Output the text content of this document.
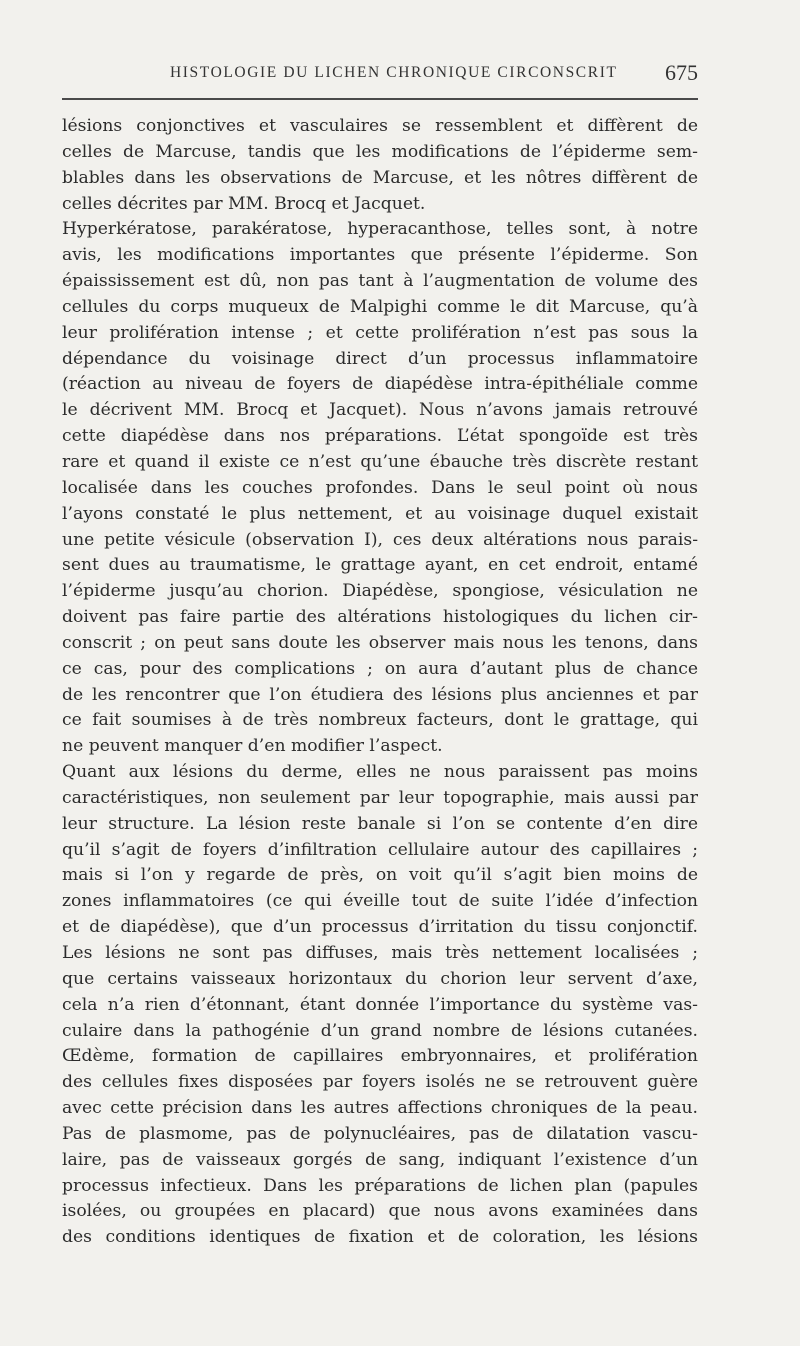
HISTOLOGIE DU LICHEN CHRONIQUE CIRCONSCRIT 675
lésions conjonctives et vasculaires se ressemblent et diffèrent de
celles de Marcuse, tandis que les modifications de l’épiderme sem-
blables dans les observations de Marcuse, et les nôtres diffèrent de
celles décrites par MM. Brocq et Jacquet.
Hyperkératose, parakératose, hyperacanthose, telles sont, à notre
avis, les modifications importantes que présente l’épiderme. Son
épaississement est dû, non pas tant à l’augmentation de volume des
cellules du corps muqueux de Malpighi comme le dit Marcuse, qu’à
leur prolifération intense ; et cette prolifération n’est pas sous la
dépendance du voisinage direct d’un processus inflammatoire
(réaction au niveau de foyers de diapédèse intra-épithéliale comme
le décrivent MM. Brocq et Jacquet). Nous n’avons jamais retrouvé
cette diapédèse dans nos préparations. L’état spongoïde est très
rare et quand il existe ce n’est qu’une ébauche très discrète restant
localisée dans les couches profondes. Dans le seul point où nous
l’ayons constaté le plus nettement, et au voisinage duquel existait
une petite vésicule (observation I), ces deux altérations nous parais-
sent dues au traumatisme, le grattage ayant, en cet endroit, entamé
l’épiderme jusqu’au chorion. Diapédèse, spongiose, vésiculation ne
doivent pas faire partie des altérations histologiques du lichen cir-
conscrit ; on peut sans doute les observer mais nous les tenons, dans
ce cas, pour des complications ; on aura d’autant plus de chance
de les rencontrer que l’on étudiera des lésions plus anciennes et par
ce fait soumises à de très nombreux facteurs, dont le grattage, qui
ne peuvent manquer d’en modifier l’aspect.
Quant aux lésions du derme, elles ne nous paraissent pas moins
caractéristiques, non seulement par leur topographie, mais aussi par
leur structure. La lésion reste banale si l’on se contente d’en dire
qu’il s’agit de foyers d’infiltration cellulaire autour des capillaires ;
mais si l’on y regarde de près, on voit qu’il s’agit bien moins de
zones inflammatoires (ce qui éveille tout de suite l’idée d’infection
et de diapédèse), que d’un processus d’irritation du tissu conjonctif.
Les lésions ne sont pas diffuses, mais très nettement localisées ;
que certains vaisseaux horizontaux du chorion leur servent d’axe,
cela n’a rien d’étonnant, étant donnée l’importance du système vas-
culaire dans la pathogénie d’un grand nombre de lésions cutanées.
Œdème, formation de capillaires embryonnaires, et prolifération
des cellules fixes disposées par foyers isolés ne se retrouvent guère
avec cette précision dans les autres affections chroniques de la peau.
Pas de plasmome, pas de polynucléaires, pas de dilatation vascu-
laire, pas de vaisseaux gorgés de sang, indiquant l’existence d’un
processus infectieux. Dans les préparations de lichen plan (papules
isolées, ou groupées en placard) que nous avons examinées dans
des conditions identiques de fixation et de coloration, les lésions
